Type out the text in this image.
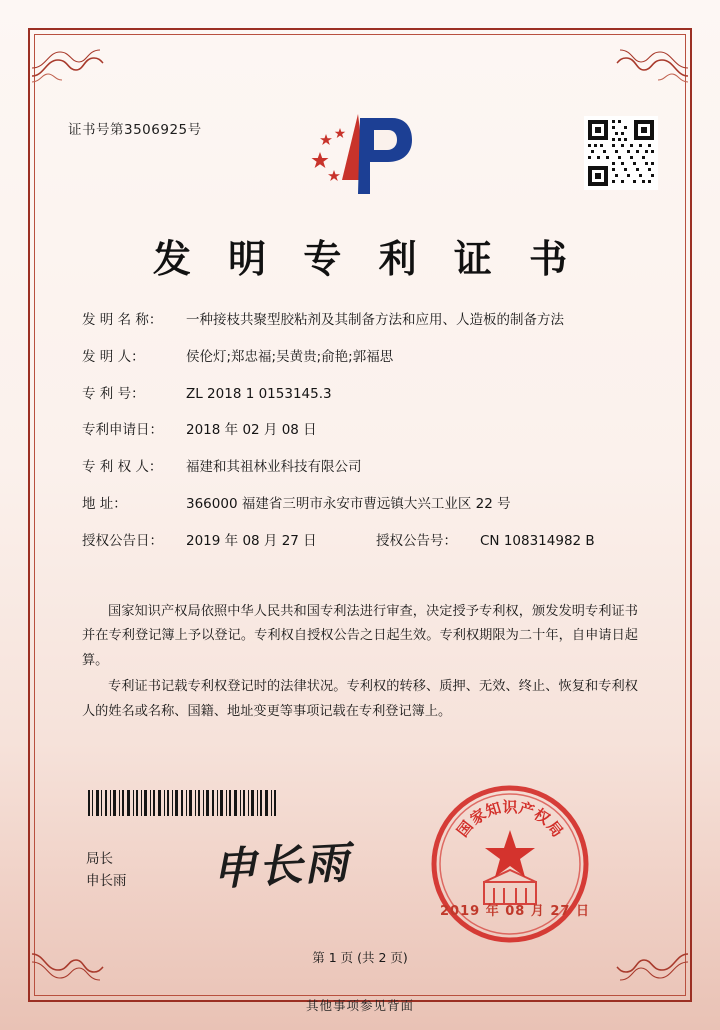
证书号第3506925号
发 明 专 利 证 书
发 明 名 称：	一种接枝共聚型胶粘剂及其制备方法和应用、人造板的制备方法
发 明 人：	侯伦灯;郑忠福;吴黄贵;俞艳;郭福思
专 利 号：	ZL 2018 1 0153145.3
专利申请日：	2018 年 02 月 08 日
专 利 权 人：	福建和其祖林业科技有限公司
地 址：	366000 福建省三明市永安市曹远镇大兴工业区 22 号
授权公告日：	2019 年 08 月 27 日	授权公告号：	CN 108314982 B

国家知识产权局依照中华人民共和国专利法进行审查，决定授予专利权，颁发发明专利证书并在专利登记簿上予以登记。专利权自授权公告之日起生效。专利权期限为二十年，自申请日起算。

专利证书记载专利权登记时的法律状况。专利权的转移、质押、无效、终止、恢复和专利权人的姓名或名称、国籍、地址变更等事项记载在专利登记簿上。

局长
申长雨 申长雨
国
家
知 识 产
权
局
2019 年 08 月 27 日
第 1 页 (共 2 页)
其他事项参见背面
